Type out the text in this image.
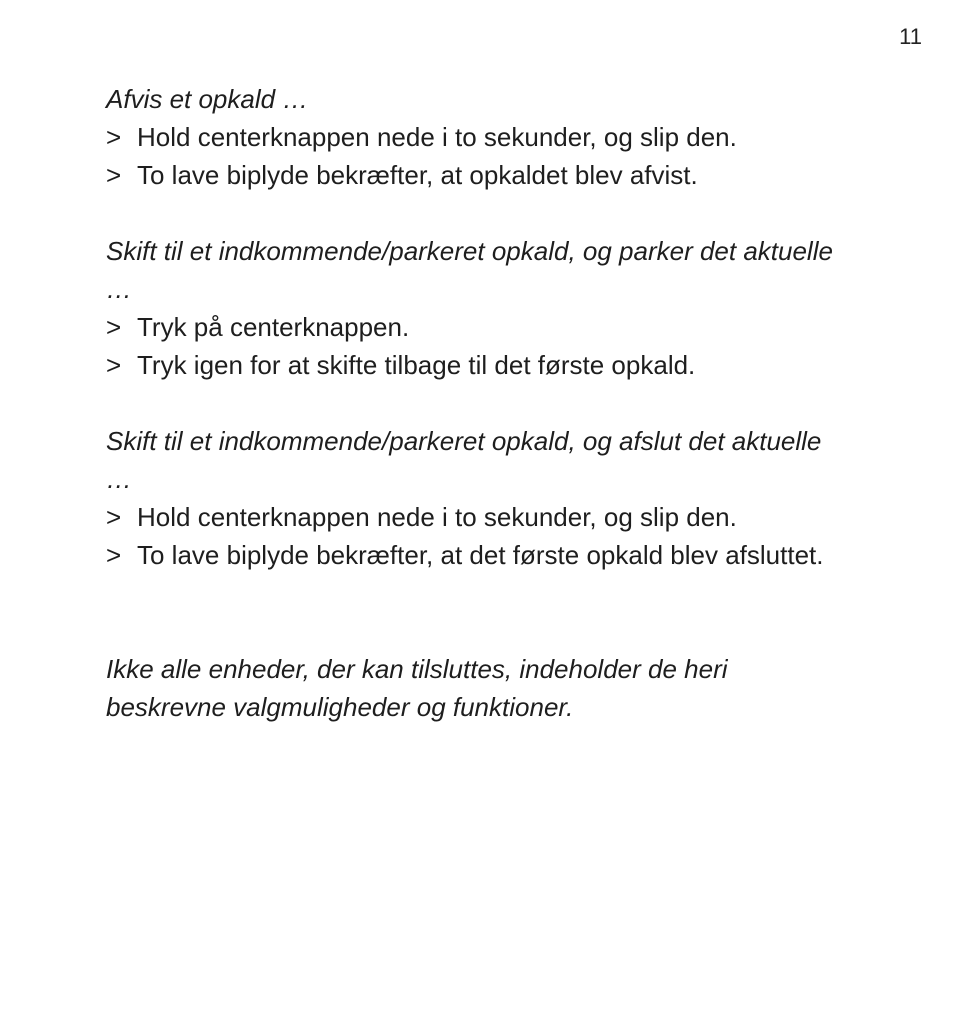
11

Afvis et opkald …

> Hold centerknappen nede i to sekunder, og slip den.
> To lave biplyde bekræfter, at opkaldet blev afvist.

Skift til et indkommende/parkeret opkald, og parker det aktuelle …

> Tryk på centerknappen.
> Tryk igen for at skifte tilbage til det første opkald.

Skift til et indkommende/parkeret opkald, og afslut det aktuelle …

> Hold centerknappen nede i to sekunder, og slip den.
> To lave biplyde bekræfter, at det første opkald blev afsluttet.

Ikke alle enheder, der kan tilsluttes, indeholder de heri beskrevne valgmuligheder og funktioner.
